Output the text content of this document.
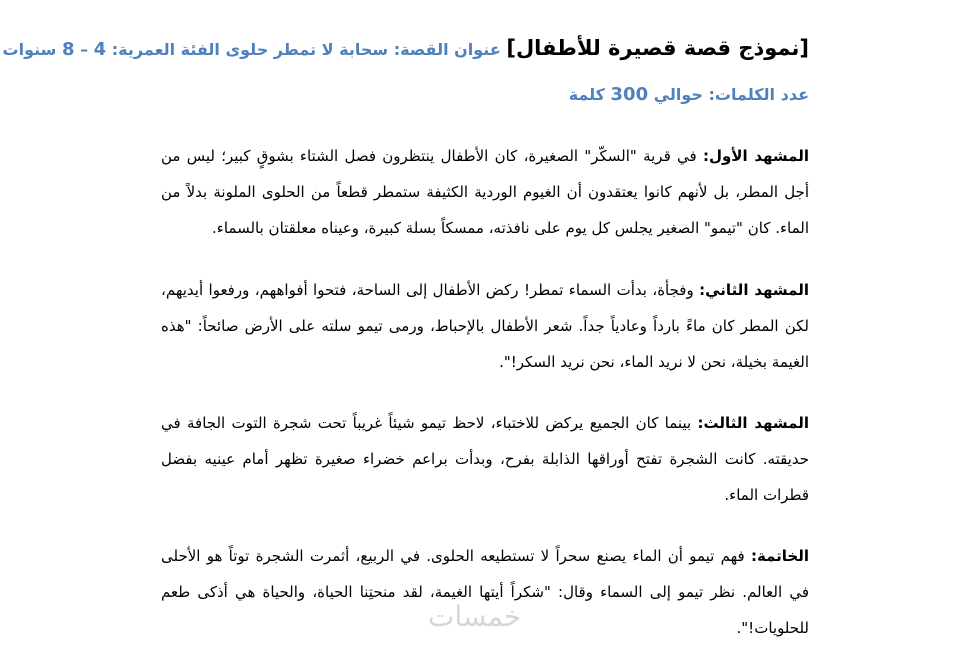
[نموذج قصة قصيرة للأطفال] عنوان القصة: سحابة لا تمطر حلوى الفئة العمرية: 4 – 8 سنوات

عدد الكلمات: حوالي 300 كلمة

المشهد الأول: في قرية "السكّر" الصغيرة، كان الأطفال ينتظرون فصل الشتاء بشوقٍ كبير؛ ليس من أجل المطر، بل لأنهم كانوا يعتقدون أن الغيوم الوردية الكثيفة ستمطر قطعاً من الحلوى الملونة بدلاً من الماء. كان "تيمو" الصغير يجلس كل يوم على نافذته، ممسكاً بسلة كبيرة، وعيناه معلقتان بالسماء.

المشهد الثاني: وفجأة، بدأت السماء تمطر! ركض الأطفال إلى الساحة، فتحوا أفواههم، ورفعوا أيديهم، لكن المطر كان ماءً بارداً وعادياً جداً. شعر الأطفال بالإحباط، ورمى تيمو سلته على الأرض صائحاً: "هذه الغيمة بخيلة، نحن لا نريد الماء، نحن نريد السكر!".

المشهد الثالث: بينما كان الجميع يركض للاختباء، لاحظ تيمو شيئاً غريباً تحت شجرة التوت الجافة في حديقته. كانت الشجرة تفتح أوراقها الذابلة بفرح، وبدأت براعم خضراء صغيرة تظهر أمام عينيه بفضل قطرات الماء.

الخاتمة: فهم تيمو أن الماء يصنع سحراً لا تستطيعه الحلوى. في الربيع، أثمرت الشجرة توتاً هو الأحلى في العالم. نظر تيمو إلى السماء وقال: "شكراً أيتها الغيمة، لقد منحتِنا الحياة، والحياة هي أذكى طعم للحلويات!".

خمسات
